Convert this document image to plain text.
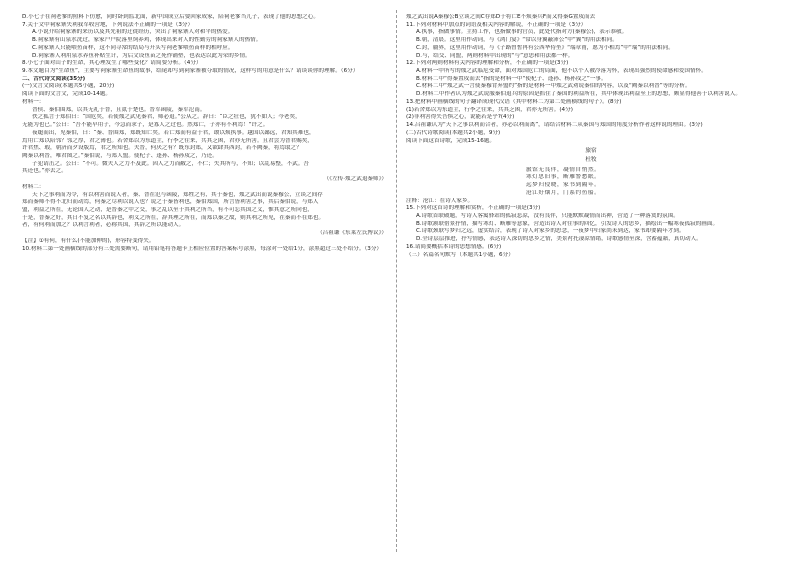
D.小七子在祠老爹的照料下仿愈，同时卧到监北面，新中国成立后要回家成家，陪祠老爹当儿子，表现了他的思想之心。
7.关于文中祠家寨失利我军收营地，下列说法不正确的一项是（3分）
A.小说介绍祠家寨的来历以及其先祖的迁徙经历，突出了祠家寨人对和平的热爱。
B.祠家寨有山泉水洗过，家家户户院落里饲养鸡，体现出来对人的性勤劳的祠家寨人的热情。
C.祠家寨人只能喂鱼苗样，这不同寻常的结局与开头写祠老爹喂鱼苗样的相呼应。
D.祠家寨人利用泉水养鱼补贴生计，为后文设鱼苗之死作铺垫，也表达以此为荣的乡情。
8.小七子面对山子的生命，其心理发生了哪些变化？请简要分析。（4分）
9.本文题目为“生命鱼”，主要写祠家寨生命鱼的故事，结尾却写到祠家寨被夺取的情况，这样写的用意是什么？请谈谈你的理解。（6分）
二、古代诗文阅读(35分)
(一)文言文阅读(本题共5小题，20分)
阅读下面的文言文，完成10-14题。
材料一：
晋侯、秦伯围郑，以其无礼于晋，且贰于楚也。晋军函陵，秦军氾南。
佚之狐言于郑伯曰：“国危矣，若使烛之武见秦君，师必退。”公从之。辞曰：“臣之壮也，犹不如人；今老矣，
无能为也已。”公曰：“吾不能早用子，今急而求子，是寡人之过也。然郑亡，子亦有不利焉！”许之。
夜缒而出，见秦伯，曰：“秦、晋围郑，郑既知亡矣。若亡郑而有益于君，敢以烦执事。越国以鄙远，君知其难也，
焉用亡郑以陪邻？邻之厚，君之薄也。若舍郑以为东道主，行李之往来，共其乏困，君亦无所害。且君尝为晋君赐矣，
许君焦、瑕，朝济而夕设版焉，君之所知也。夫晋，何厌之有？既东封郑，又欲肆其西封，若不阙秦，将焉取之？
阙秦以利晋，唯君图之。”秦伯说，与郑人盟。使杞子、逢孙、杨孙戍之，乃还。
子犯请击之。公曰：“不可。微夫人之力不及此。因人之力而敝之，不仁；失其所与，不知；以乱易整，不武。吾
其还也。”亦去之。
（《左传·烛之武退秦师》）
材料二：
天下之事利而为令，有以利害而说人者，秦、晋在氾与函陵，郑牲之有，其于秦也，烛之武出而说秦穆公，立谈之间存
郑而秦师不得不北归而动焉，何秦之尽利以说人也？说之于秦皆利也，秦伯郑国，所言皆利害之事，其后秦伯说，与郑人
盟，利益之所在，无论国人之动，是晋秦之中之交，事之乱以至于其利之所当，有不可忘其国之义，惟其意之所向也，
于是，晋秦之好，其日不复之名以其辞也，利义之所在，辞其理之所在，而郑以秦之故，则其利之所见，在秦而不在郑也。
者，有何利而加之？以利言利者，必称其国，其辞之所以能动人。
（吕祖谦《东莱左氏博议》）
【注】①有何，有什么(不能加伸的)，形容特变得失。
10.材料二第一处画横线的部分有三处需要断句，请用铅笔将答题卡上相应位置的答案标号涂黑，每涂对一处给1分，涂黑超过三处不给分。（3分）
烛之武出说A秦穆公B立谈之间C存郑D于将亡E不烦秦兵F而又得秦G置戍而去
11.下列对材料中加点的词语及相关内容的解说，不正确的一项是（3分）
A.执事，指做事情。主持工作，也指做事的官员，此处代指对方(秦穆公)，表示恭敬。
B.朝，清晨。这里用作动词，与《鸿门宴》“常以身翼蔽沛公”中“翼”的用法相同。
C.封，疆界，这里用作动词，与《子路曾皙冉有公西华侍坐》“端章甫，愿为小相焉”中“端”的用法相同。
D.与，结交、同盟，两则材料中出现的“与”意思和用法都一样。
12.下列对两则材料有关内容的理解和分析，不正确的一项是(3分)
A.材料一中所写的烛之武临危受命，面对郑国危亡的局面，他不以个人被冷落为怀，表现出强烈的使命感和爱国情怀。
B.材料二中“得秦置戍而去”指的是材料一中“使杞子、逢孙、杨孙戍之”一事。
C.材料二中“烛之武一言使秦穆背弃盟约”指的是材料一中烛之武劝说秦伯的内容，以及“阙秦以利晋”等的分析。
D.材料二中作者认为烛之武说服秦伯退兵的原因是抓住了秦国的利益所在，其中体现出利益至上的思想，颇显得他善于以利害说人。
13.把材料中画横线的句子翻译成现代汉语（其中材料二为第二处画横线的句子）。(8分)
(1)若舍郑以为东道主，行李之往来，共其乏困，君亦无所害。(4分)
(2)非利害得失吾惧之心，说能若是乎?(4分)
14.吕祖谦认为“天下之事以利而合者，亦必以利而离”，请结合材料二从秦国与郑国的角度分析作者这样说的理由。(3分)
(二)古代诗歌阅读(本题共2小题，9分)
阅读下面这首诗歌，完成15-16题。
旅宿
杜牧
旅馆无良伴，凝情自悄然。
寒灯思旧事，断雁警愁眠。
远梦归侵晓，家书到隔年。
沧江好烟月，门系钓鱼船。
注释：沧江：在诗人家乡。
15.下列对这首诗的理解和赏析，不正确的一项是(3分)
A.诗歌首联破题，写诗人客寓驿站的孤寂悲凉，没有良伴，只能默默凝情而出神，营造了一种落寞的氛围。
B.诗歌颔联借景抒情，描写寒灯、断雁等意象，营造出诗人对往事的回忆，引发诗人的思乡，描绘出一幅寒夜孤寂的画面。
C.诗歌颈联写梦归之远，虚实结合，表现了诗人对家乡的思念，一夜梦中归家尚未到达，家书却要隔年才到。
D.全诗层层推进，抒写情感，表达诗人深切的思乡之情，美景衬托凄凉情绪，诗歌感情至深，含蓄蕴藉，真切动人。
16.请简要概括本诗的思想情感。(6分)
（三）名篇名句默写（本题共1小题，6分）
